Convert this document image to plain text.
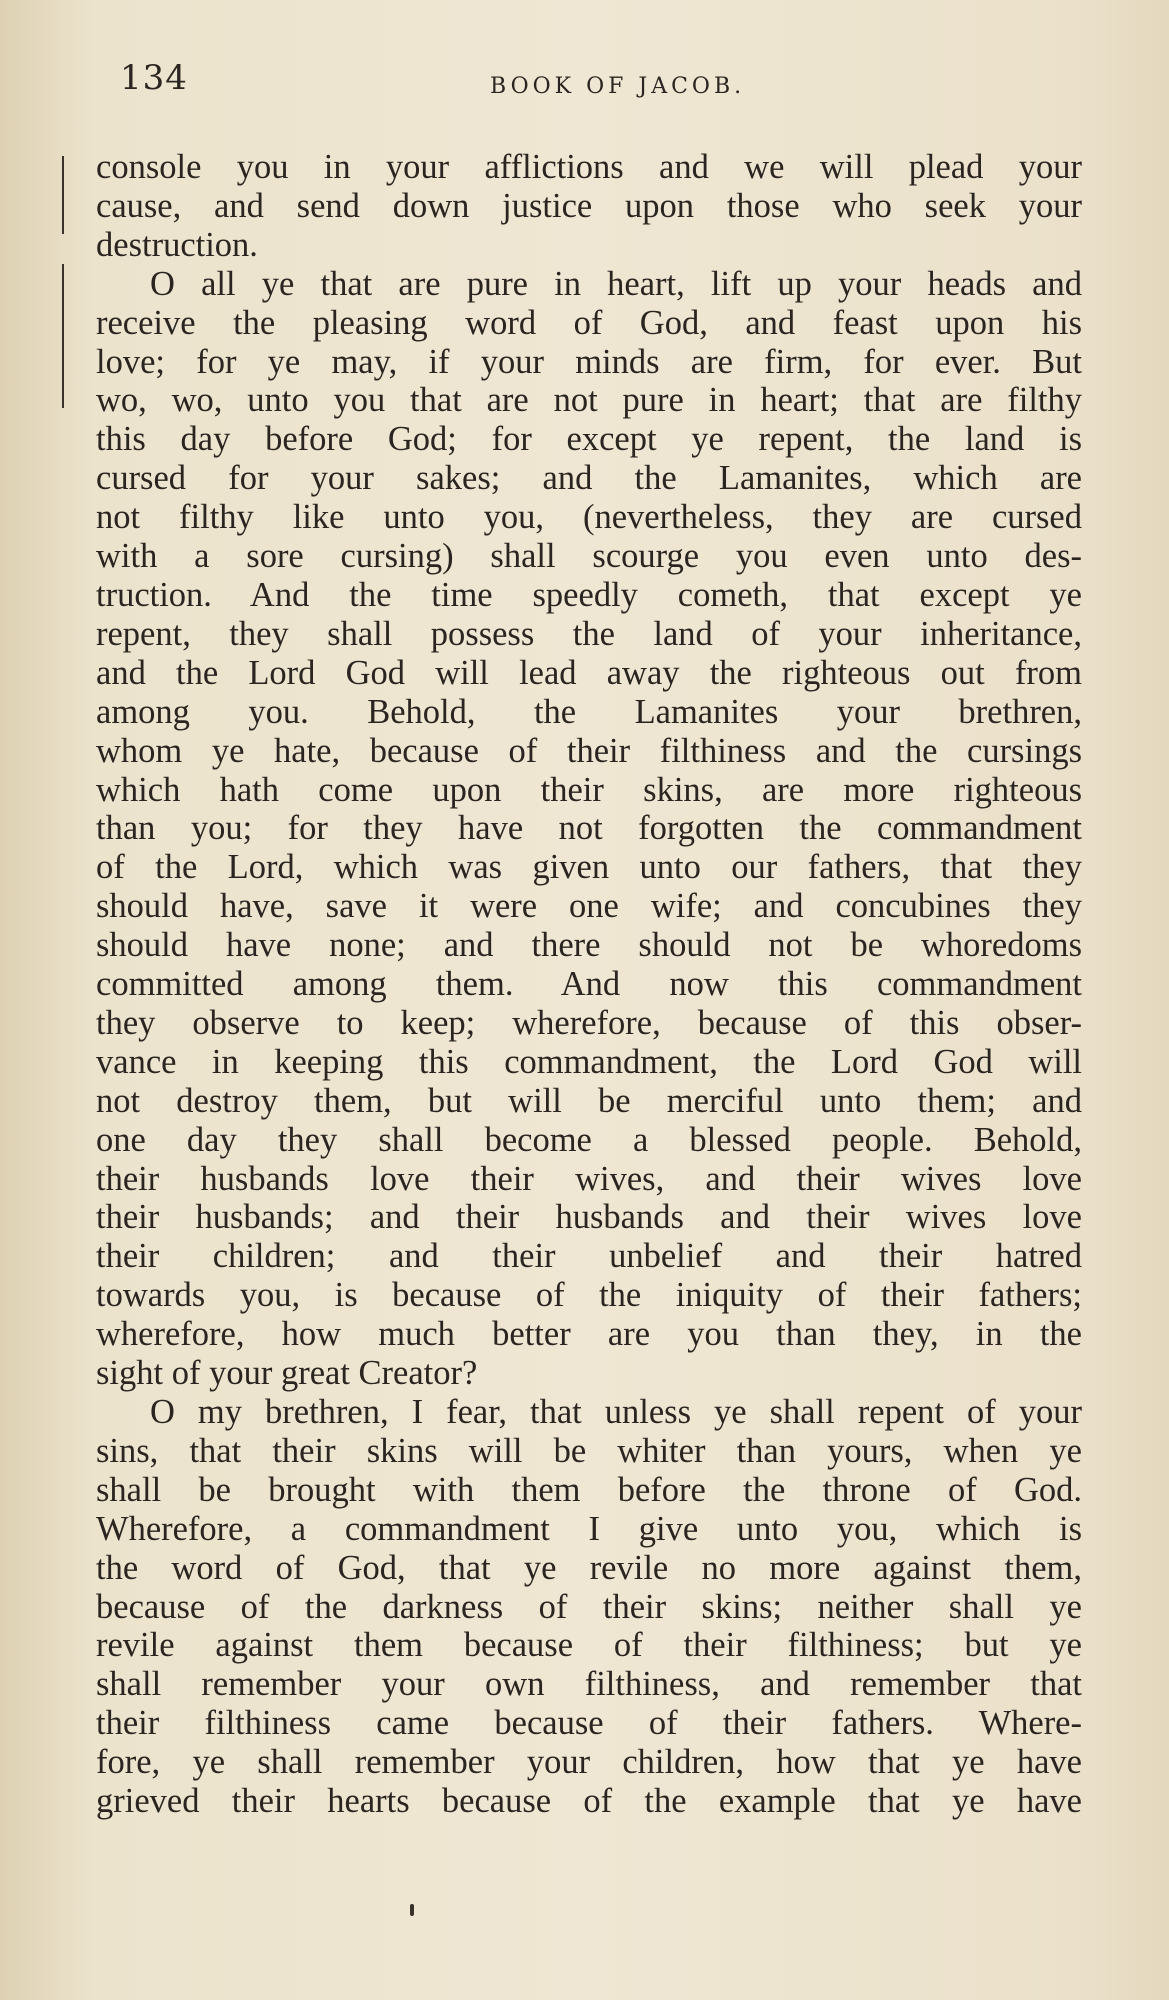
134	BOOK OF JACOB.
console you in your afflictions and we will plead your
cause, and send down justice upon those who seek your
destruction.
O all ye that are pure in heart, lift up your heads and
receive the pleasing word of God, and feast upon his
love; for ye may, if your minds are firm, for ever. But
wo, wo, unto you that are not pure in heart; that are filthy
this day before God; for except ye repent, the land is
cursed for your sakes; and the Lamanites, which are
not filthy like unto you, (nevertheless, they are cursed
with a sore cursing) shall scourge you even unto des-
truction. And the time speedly cometh, that except ye
repent, they shall possess the land of your inheritance,
and the Lord God will lead away the righteous out from
among you. Behold, the Lamanites your brethren,
whom ye hate, because of their filthiness and the cursings
which hath come upon their skins, are more righteous
than you; for they have not forgotten the commandment
of the Lord, which was given unto our fathers, that they
should have, save it were one wife; and concubines they
should have none; and there should not be whoredoms
committed among them. And now this commandment
they observe to keep; wherefore, because of this obser-
vance in keeping this commandment, the Lord God will
not destroy them, but will be merciful unto them; and
one day they shall become a blessed people. Behold,
their husbands love their wives, and their wives love
their husbands; and their husbands and their wives love
their children; and their unbelief and their hatred
towards you, is because of the iniquity of their fathers;
wherefore, how much better are you than they, in the
sight of your great Creator?
O my brethren, I fear, that unless ye shall repent of your
sins, that their skins will be whiter than yours, when ye
shall be brought with them before the throne of God.
Wherefore, a commandment I give unto you, which is
the word of God, that ye revile no more against them,
because of the darkness of their skins; neither shall ye
revile against them because of their filthiness; but ye
shall remember your own filthiness, and remember that
their filthiness came because of their fathers. Where-
fore, ye shall remember your children, how that ye have
grieved their hearts because of the example that ye have
